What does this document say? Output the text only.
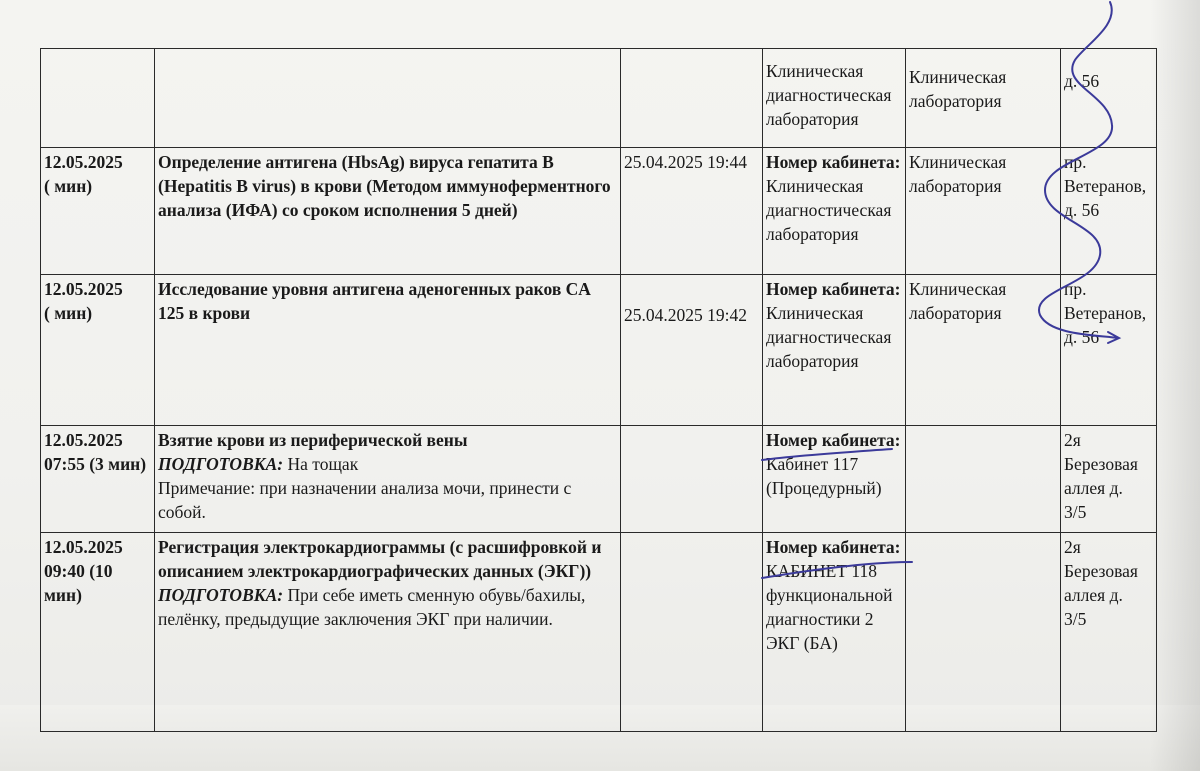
			Клиническая
диагностическая
лаборатория	Клиническая
лаборатория	д. 56

12.05.2025
( мин)	Определение антигена (HbsAg) вируса гепатита B (Hepatitis B virus) в крови (Методом иммуноферментного анализа (ИФА) со сроком исполнения 5 дней)	25.04.2025 19:44	Номер кабинета:
Клиническая
диагностическая
лаборатория	Клиническая
лаборатория	пр.
Ветеранов,
д. 56

12.05.2025
( мин)	Исследование уровня антигена аденогенных раков CA 125 в крови	25.04.2025 19:42	Номер кабинета:
Клиническая
диагностическая
лаборатория	Клиническая
лаборатория	пр.
Ветеранов,
д. 56

12.05.2025
07:55 (3 мин)	Взятие крови из периферической вены
ПОДГОТОВКА: На тощак
Примечание: при назначении анализа мочи, принести с собой.		Номер кабинета:
Кабинет 117
(Процедурный)		2я
Березовая
аллея д.
3/5

12.05.2025
09:40 (10 мин)	Регистрация электрокардиограммы (с расшифровкой и описанием электрокардиографических данных (ЭКГ))
ПОДГОТОВКА: При себе иметь сменную обувь/бахилы, пелёнку, предыдущие заключения ЭКГ при наличии.		Номер кабинета:
КАБИНЕТ 118
функциональной
диагностики 2
ЭКГ (БА)		2я
Березовая
аллея д.
3/5
